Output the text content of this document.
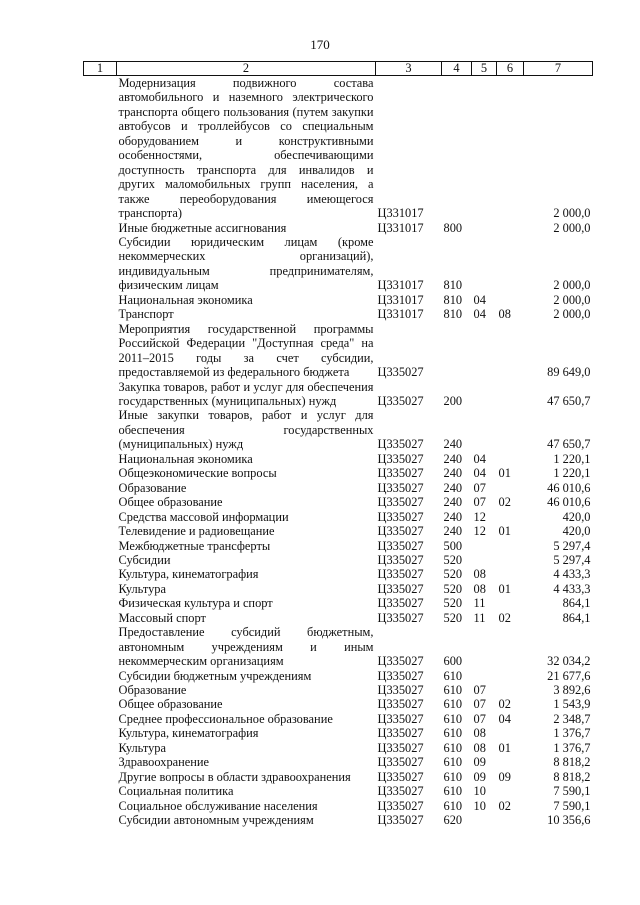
170
1	2	3	4	5	6	7
	Модернизация подвижного состава автомобильного и наземного электрического транспорта общего пользования (путем закупки автобусов и троллейбусов со специальным оборудованием и конструктивными особенностями, обеспечивающими доступность транспорта для инвалидов и других маломобильных групп населения, а также переоборудования имеющегося транспорта)	Ц331017				2 000,0
	Иные бюджетные ассигнования	Ц331017	800			2 000,0
	Субсидии юридическим лицам (кроме некоммерческих организаций), индивидуальным предпринимателям, физическим лицам	Ц331017	810			2 000,0
	Национальная экономика	Ц331017	810	04		2 000,0
	Транспорт	Ц331017	810	04	08	2 000,0
	Мероприятия государственной программы Российской Федерации "Доступная среда" на 2011–2015 годы за счет субсидии, предоставляемой из федерального бюджета	Ц335027				89 649,0
	Закупка товаров, работ и услуг для обеспечения государственных (муниципальных) нужд	Ц335027	200			47 650,7
	Иные закупки товаров, работ и услуг для обеспечения государственных (муниципальных) нужд	Ц335027	240			47 650,7
	Национальная экономика	Ц335027	240	04		1 220,1
	Общеэкономические вопросы	Ц335027	240	04	01	1 220,1
	Образование	Ц335027	240	07		46 010,6
	Общее образование	Ц335027	240	07	02	46 010,6
	Средства массовой информации	Ц335027	240	12		420,0
	Телевидение и радиовещание	Ц335027	240	12	01	420,0
	Межбюджетные трансферты	Ц335027	500			5 297,4
	Субсидии	Ц335027	520			5 297,4
	Культура, кинематография	Ц335027	520	08		4 433,3
	Культура	Ц335027	520	08	01	4 433,3
	Физическая культура и спорт	Ц335027	520	11		864,1
	Массовый спорт	Ц335027	520	11	02	864,1
	Предоставление субсидий бюджетным, автономным учреждениям и иным некоммерческим организациям	Ц335027	600			32 034,2
	Субсидии бюджетным учреждениям	Ц335027	610			21 677,6
	Образование	Ц335027	610	07		3 892,6
	Общее образование	Ц335027	610	07	02	1 543,9
	Среднее профессиональное образование	Ц335027	610	07	04	2 348,7
	Культура, кинематография	Ц335027	610	08		1 376,7
	Культура	Ц335027	610	08	01	1 376,7
	Здравоохранение	Ц335027	610	09		8 818,2
	Другие вопросы в области здравоохранения	Ц335027	610	09	09	8 818,2
	Социальная политика	Ц335027	610	10		7 590,1
	Социальное обслуживание населения	Ц335027	610	10	02	7 590,1
	Субсидии автономным учреждениям	Ц335027	620			10 356,6
